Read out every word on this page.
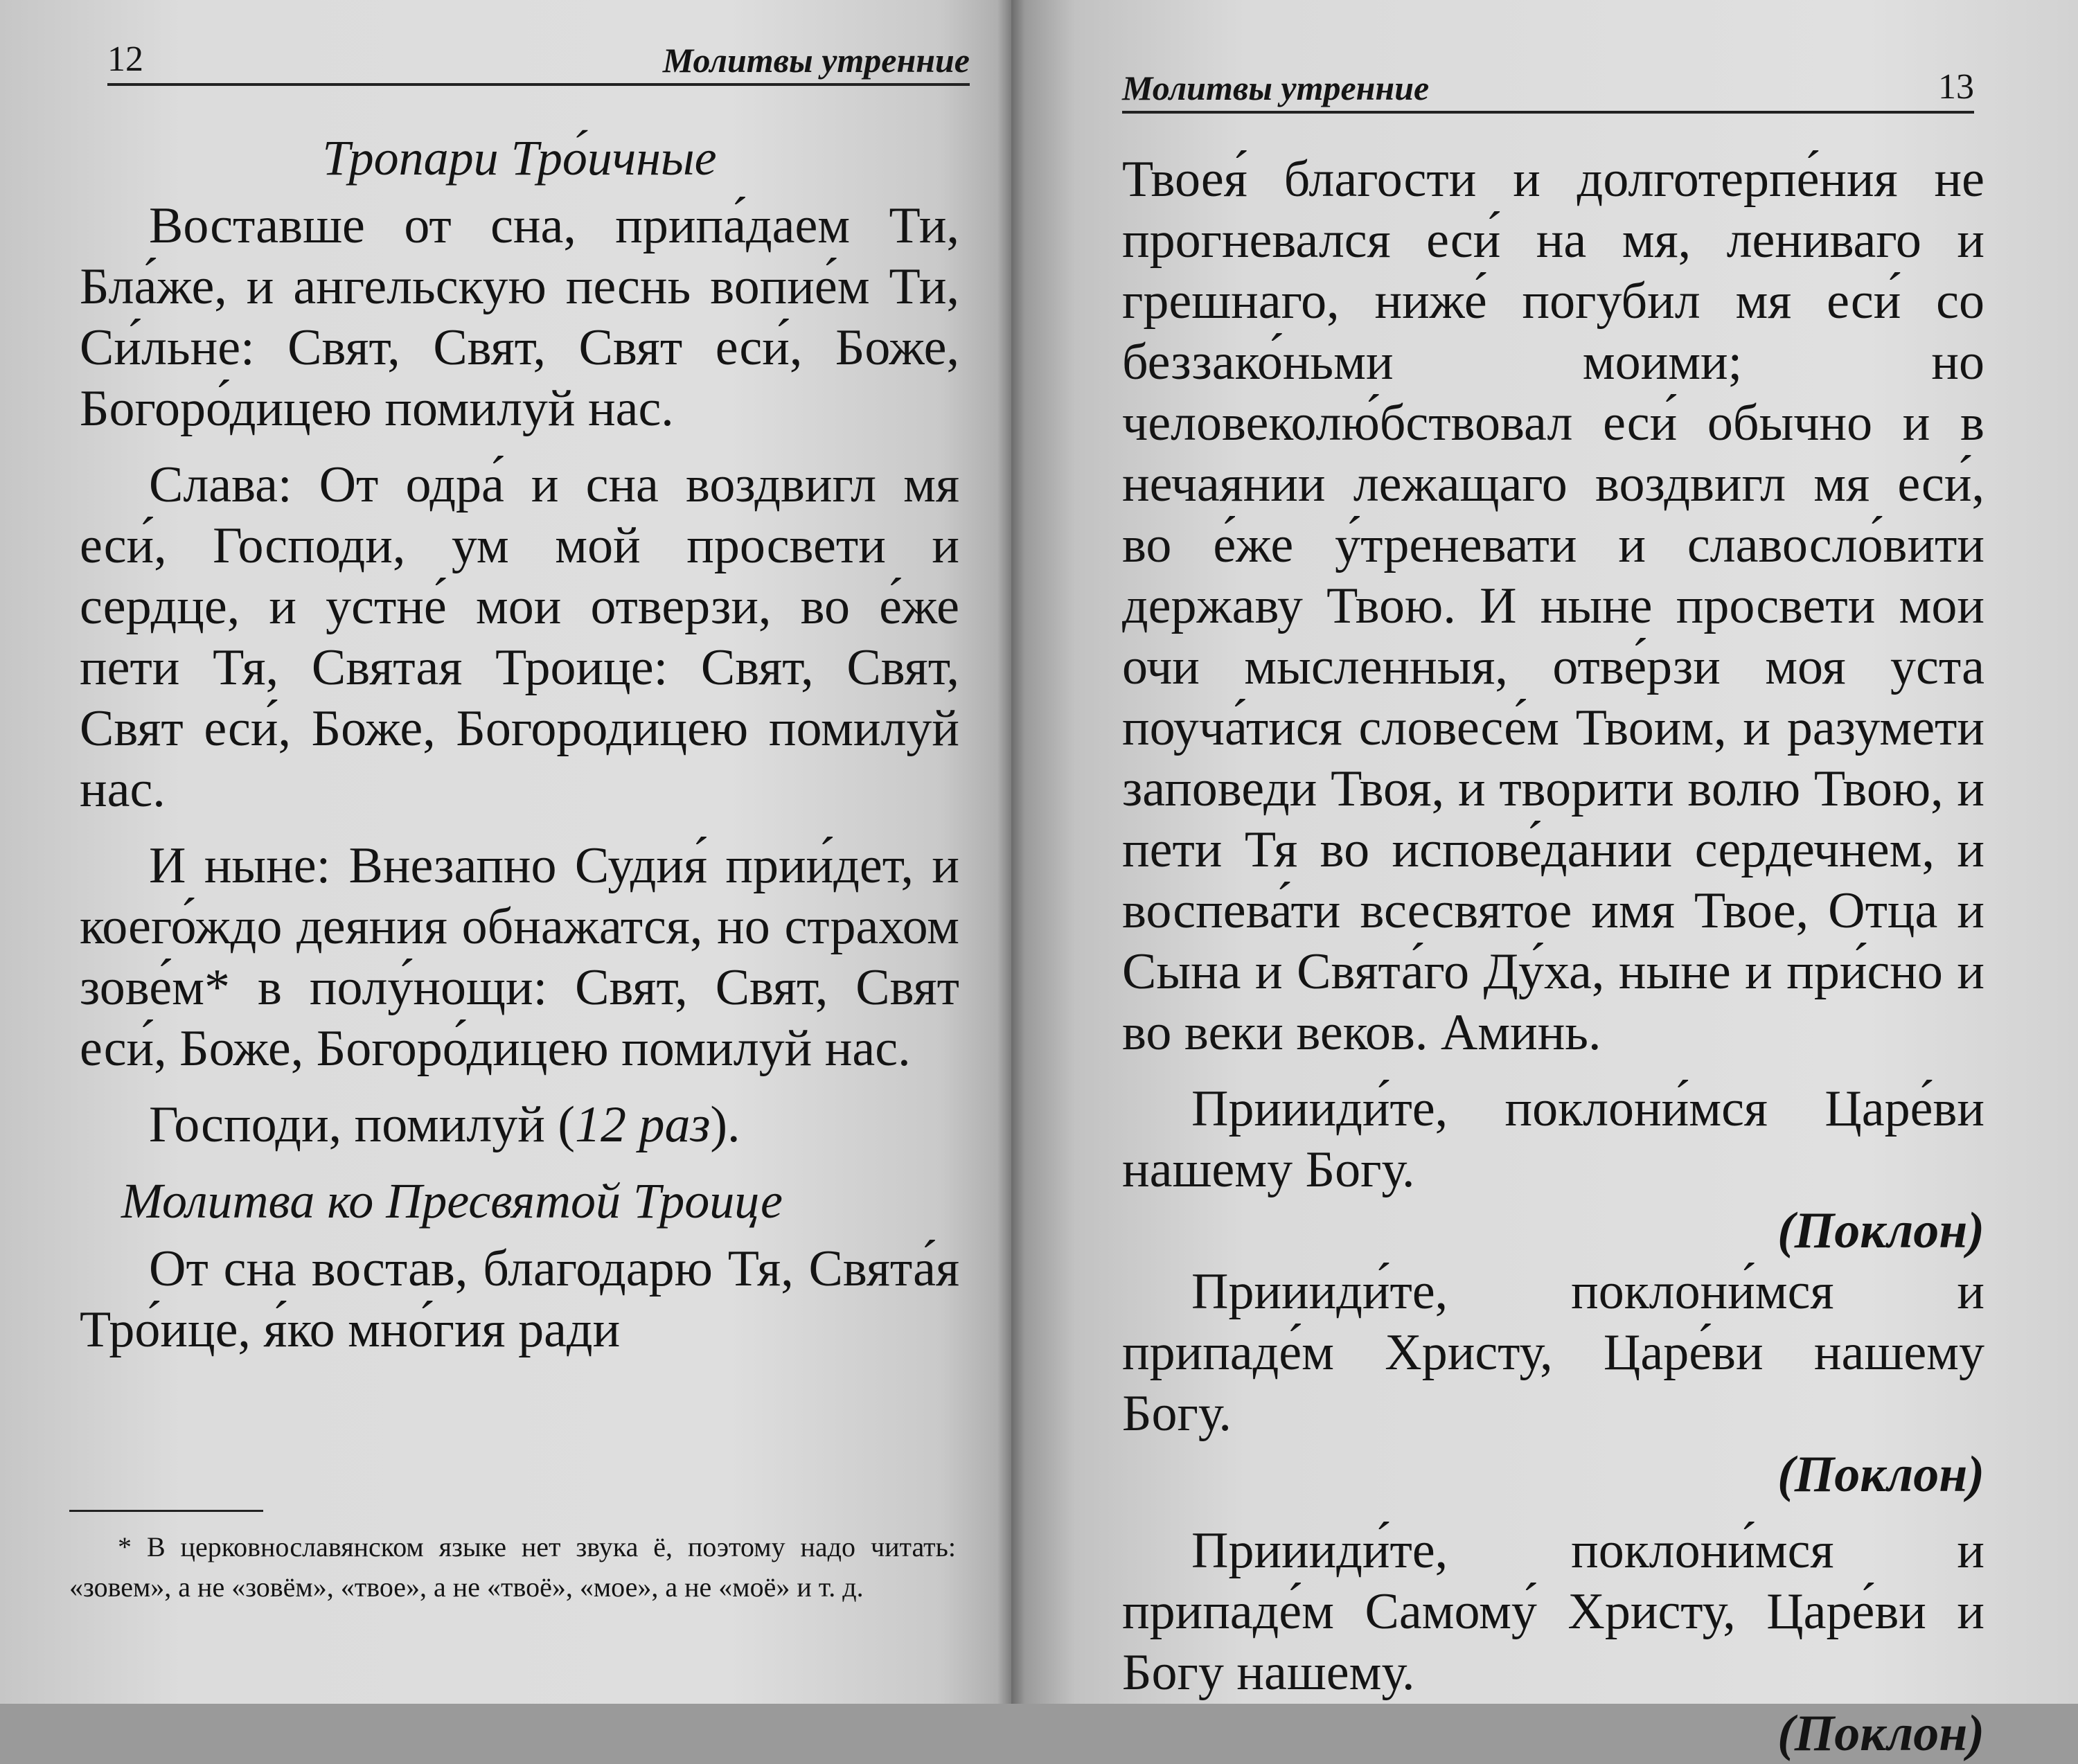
12	Молитвы утренние
Тропари Тро́ичные

Воставше от сна, припа́даем Ти, Бла́же, и ангельскую песнь вопие́м Ти, Си́льне: Свят, Свят, Свят еси́, Боже, Богоро́дицею помилуй нас.

Слава: От одра́ и сна воздвигл мя еси́, Господи, ум мой просвети и сердце, и устне́ мои отверзи, во е́же пети Тя, Святая Троице: Свят, Свят, Свят еси́, Боже, Богородицею помилуй нас.

И ныне: Внезапно Судия́ прии́дет, и коего́ждо деяния обнажатся, но страхом зове́м* в полу́нощи: Свят, Свят, Свят еси́, Боже, Богоро́дицею помилуй нас.

Господи, помилуй (12 раз).

Молитва ко Пресвятой Троице

От сна востав, благодарю Тя, Свята́я Тро́ице, я́ко мно́гия ради

* В церковнославянском языке нет звука ё, поэтому надо читать: «зовем», а не «зовём», «твое», а не «твоё», «мое», а не «моё» и т. д.
Молитвы утренние	13

Твоея́ благости и долготерпе́ния не прогневался еси́ на мя, лениваго и грешнаго, ниже́ погубил мя еси́ со беззако́ньми моими; но человеколю́бствовал еси́ обычно и в нечаянии лежащаго воздвигл мя еси́, во е́же у́треневати и славосло́вити державу Твою. И ныне просвети мои очи мысленныя, отве́рзи моя уста поуча́тися словесе́м Твоим, и разумети заповеди Твоя, и творити волю Твою, и пети Тя во испове́дании сердечнем, и воспева́ти всесвятое имя Твое, Отца и Сына и Свята́го Ду́ха, ныне и при́сно и во веки веков. Аминь.

Приииди́те, поклони́мся Царе́ви нашему Богу.

(Поклон)

Приииди́те, поклони́мся и припаде́м Христу, Царе́ви нашему Богу.

(Поклон)

Приииди́те, поклони́мся и припаде́м Самому́ Христу, Царе́ви и Богу нашему.

(Поклон)
